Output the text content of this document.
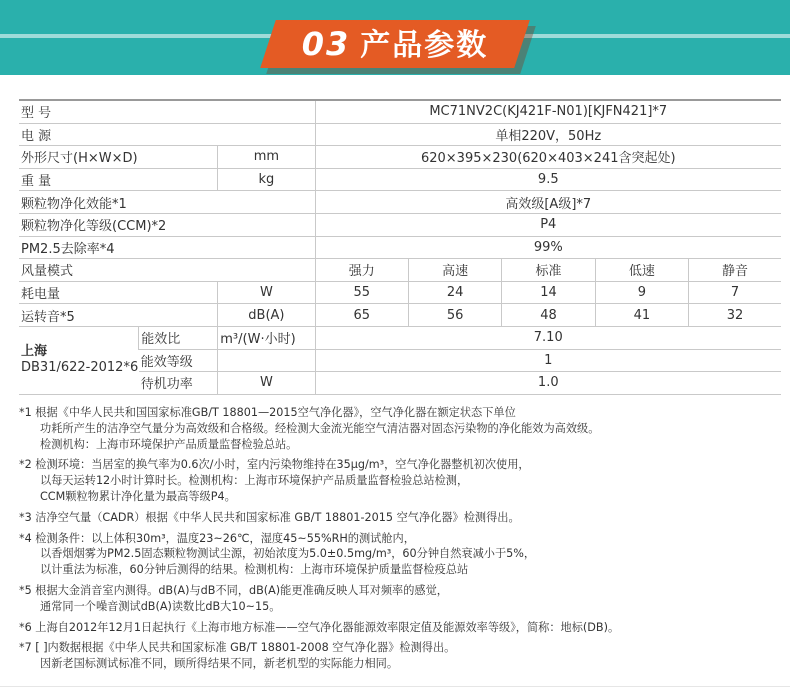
03 产品参数
型 号			MC71NV2C(KJ421F-N01)[KJFN421]*7				
电 源			单相220V，50Hz				
外形尺寸(H×W×D)		mm	620×395×230(620×403×241含突起处)				
重 量		kg	9.5				
颗粒物净化效能*1			高效级[A级]*7				
颗粒物净化等级(CCM)*2			P4				
PM2.5去除率*4			99%				
风量模式			强力	高速	标准	低速	静音
耗电量		W	55	24	14	9	7
运转音*5		dB(A)	65	56	48	41	32
上海
DB31/622-2012*6	能效比	m³/(W·小时)	7.10				
	能效等级		1				
	待机功率	W	1.0				
*1 根据《中华人民共和国国家标准GB/T 18801—2015空气净化器》，空气净化器在额定状态下单位
功耗所产生的洁净空气量分为高效级和合格级。经检测大金流光能空气清洁器对固态污染物的净化能效为高效级。
检测机构：上海市环境保护产品质量监督检验总站。
*2 检测环境：当居室的换气率为0.6次/小时，室内污染物维持在35μg/m³，空气净化器整机初次使用，
以每天运转12小时计算时长。检测机构：上海市环境保护产品质量监督检验总站检测，
CCM颗粒物累计净化量为最高等级P4。
*3 洁净空气量（CADR）根据《中华人民共和国家标准 GB/T 18801-2015 空气净化器》检测得出。
*4 检测条件：以上体积30m³，温度23~26℃，湿度45~55%RH的测试舱内，
以香烟烟雾为PM2.5固态颗粒物测试尘源，初始浓度为5.0±0.5mg/m³，60分钟自然衰减小于5%，
以计重法为标准，60分钟后测得的结果。检测机构：上海市环境保护质量监督检疫总站
*5 根据大金消音室内测得。dB(A)与dB不同，dB(A)能更准确反映人耳对频率的感觉，
通常同一个噪音测试dB(A)读数比dB大10~15。
*6 上海自2012年12月1日起执行《上海市地方标准——空气净化器能源效率限定值及能源效率等级》，简称：地标(DB)。
*7 [ ]内数据根据《中华人民共和国家标准 GB/T 18801-2008 空气净化器》检测得出。
因新老国标测试标准不同，顾所得结果不同，新老机型的实际能力相同。
